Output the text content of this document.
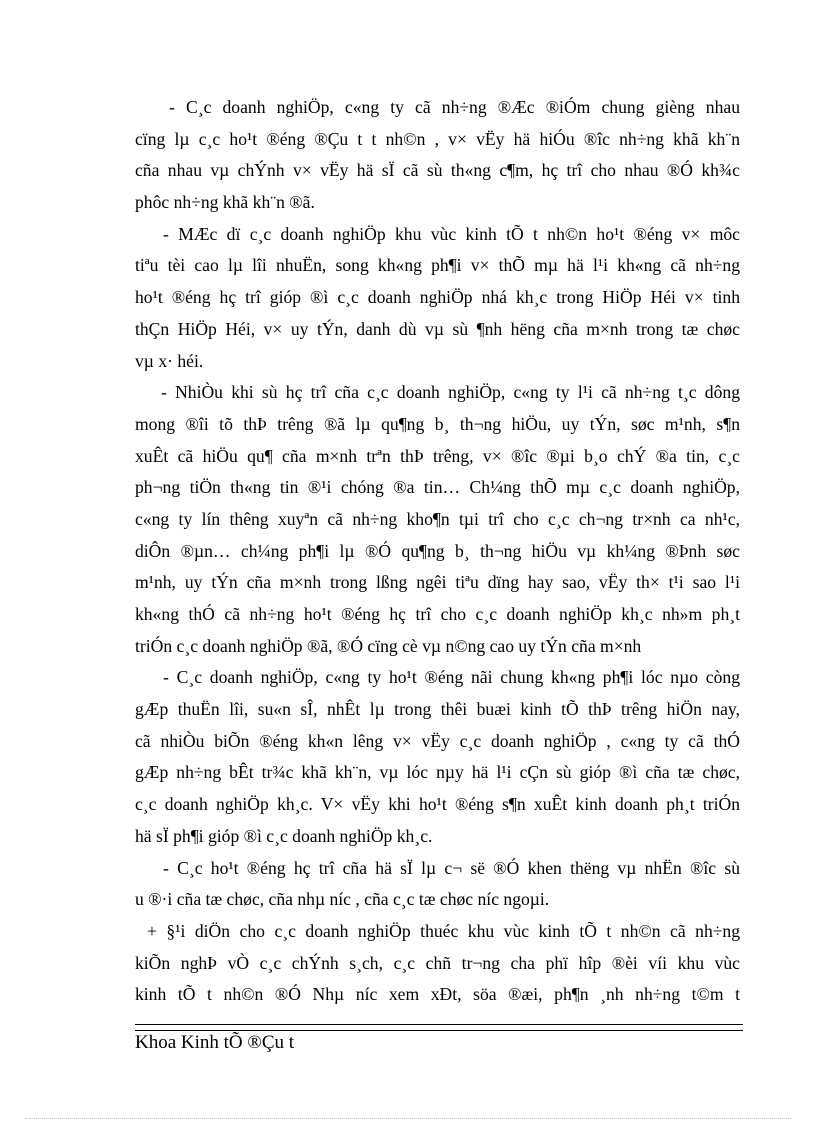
- C¸c doanh nghiÖp, c«ng ty cã nh÷ng ®Æc ®iÓm chung gièng nhau
cïng lµ c¸c ho¹t ®éng ®Çu t t nh©n , v× vËy hä hiÓu ®îc nh÷ng khã kh¨n
cña nhau vµ chÝnh v× vËy hä sÏ cã sù th«ng c¶m, hç trî cho nhau ®Ó kh¾c
phôc nh÷ng khã kh¨n ®ã.
- MÆc dï c¸c doanh nghiÖp khu vùc kinh tÕ t nh©n ho¹t ®éng v× môc
tiªu tèi cao lµ lîi nhuËn, song kh«ng ph¶i v× thÕ mµ hä l¹i kh«ng cã nh÷ng
ho¹t ®éng hç trî gióp ®ì c¸c doanh nghiÖp nhá kh¸c trong HiÖp Héi v× tinh
thÇn HiÖp Héi, v× uy tÝn, danh dù vµ sù ¶nh hëng cña m×nh trong tæ chøc
vµ x· héi.
- NhiÒu khi sù hç trî cña c¸c doanh nghiÖp, c«ng ty l¹i cã nh÷ng t¸c dông
mong ®îi tõ thÞ trêng ®ã lµ qu¶ng b¸ th¬ng hiÖu, uy tÝn, søc m¹nh, s¶n
xuÊt cã hiÖu qu¶ cña m×nh trªn thÞ trêng, v× ®îc ®µi b¸o chÝ ®a tin, c¸c
ph¬ng tiÖn th«ng tin ®¹i chóng ®a tin… Ch¼ng thÕ mµ c¸c doanh nghiÖp,
c«ng ty lín thêng xuyªn cã nh÷ng kho¶n tµi trî cho c¸c ch¬ng tr×nh ca nh¹c,
diÔn ®µn… ch¼ng ph¶i lµ ®Ó qu¶ng b¸ th¬ng hiÖu vµ kh¼ng ®Þnh søc
m¹nh, uy tÝn cña m×nh trong lßng ngêi tiªu dïng hay sao, vËy th× t¹i sao l¹i
kh«ng thÓ cã nh÷ng ho¹t ®éng hç trî cho c¸c doanh nghiÖp kh¸c nh»m ph¸t
triÓn c¸c doanh nghiÖp ®ã, ®Ó cïng cè vµ n©ng cao uy tÝn cña m×nh
- C¸c doanh nghiÖp, c«ng ty ho¹t ®éng nãi chung kh«ng ph¶i lóc nµo còng
gÆp thuËn lîi, su«n sÎ, nhÊt lµ trong thêi buæi kinh tÕ thÞ trêng hiÖn nay,
cã nhiÒu biÕn ®éng kh«n lêng v× vËy c¸c doanh nghiÖp , c«ng ty cã thÓ
gÆp nh÷ng bÊt tr¾c khã kh¨n, vµ lóc nµy hä l¹i cÇn sù gióp ®ì cña tæ chøc,
c¸c doanh nghiÖp kh¸c. V× vËy khi ho¹t ®éng s¶n xuÊt kinh doanh ph¸t triÓn
hä sÏ ph¶i gióp ®ì c¸c doanh nghiÖp kh¸c.
- C¸c ho¹t ®éng hç trî cña hä sÏ lµ c¬ së ®Ó khen thëng vµ nhËn ®îc sù
u ®·i cña tæ chøc, cña nhµ níc , cña c¸c tæ chøc níc ngoµi.
+ §¹i diÖn cho c¸c doanh nghiÖp thuéc khu vùc kinh tÕ t nh©n cã nh÷ng
kiÕn nghÞ vÒ c¸c chÝnh s¸ch, c¸c chñ tr¬ng cha phï hîp ®èi víi khu vùc
kinh tÕ t nh©n ®Ó Nhµ níc xem xÐt, söa ®æi, ph¶n ¸nh nh÷ng t©m t
Khoa Kinh tÕ ®Çu t
